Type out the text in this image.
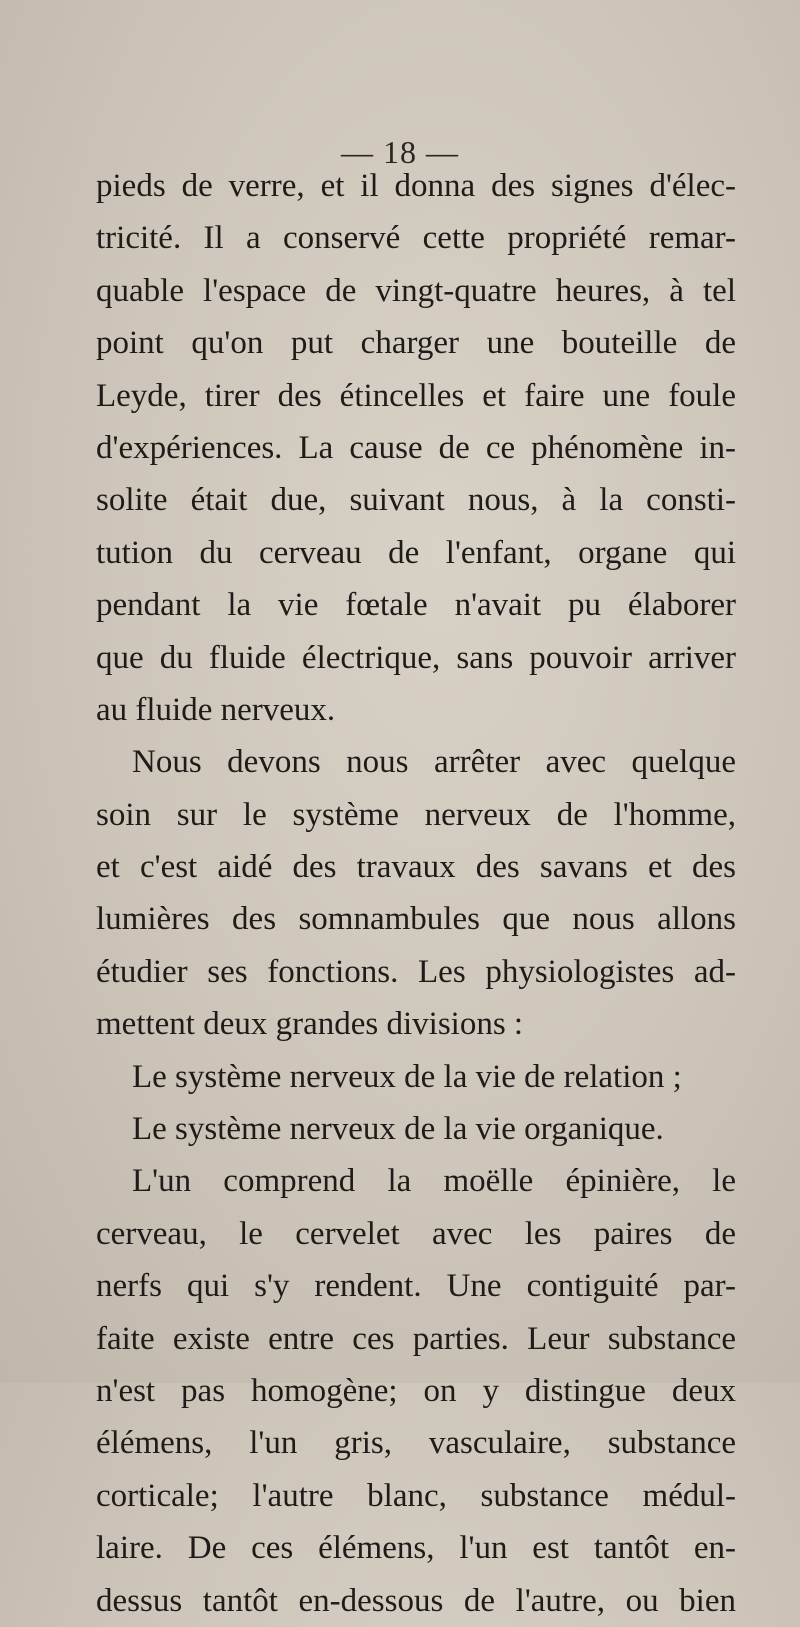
— 18 —
pieds de verre, et il donna des signes d'élec-
tricité. Il a conservé cette propriété remar-
quable l'espace de vingt-quatre heures, à tel
point qu'on put charger une bouteille de
Leyde, tirer des étincelles et faire une foule
d'expériences. La cause de ce phénomène in-
solite était due, suivant nous, à la consti-
tution du cerveau de l'enfant, organe qui
pendant la vie fœtale n'avait pu élaborer
que du fluide électrique, sans pouvoir arriver
au fluide nerveux.
Nous devons nous arrêter avec quelque
soin sur le système nerveux de l'homme,
et c'est aidé des travaux des savans et des
lumières des somnambules que nous allons
étudier ses fonctions. Les physiologistes ad-
mettent deux grandes divisions :
Le système nerveux de la vie de relation ;
Le système nerveux de la vie organique.
L'un comprend la moëlle épinière, le
cerveau, le cervelet avec les paires de
nerfs qui s'y rendent. Une contiguité par-
faite existe entre ces parties. Leur substance
n'est pas homogène; on y distingue deux
élémens, l'un gris, vasculaire, substance
corticale; l'autre blanc, substance médul-
laire. De ces élémens, l'un est tantôt en-
dessus tantôt en-dessous de l'autre, ou bien
